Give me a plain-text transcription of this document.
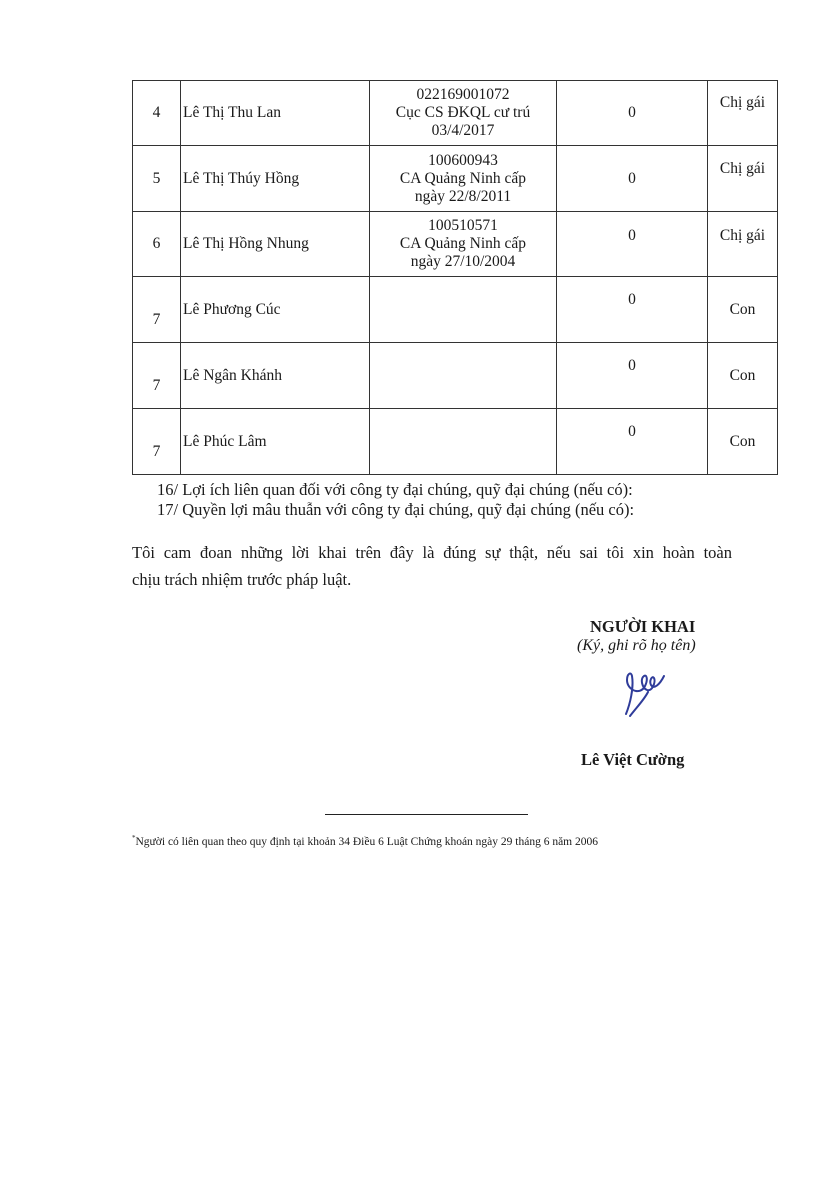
4	Lê Thị Thu Lan	022169001072
Cục CS ĐKQL cư trú
03/4/2017	0	Chị gái
5	Lê Thị Thúy Hồng	100600943
CA Quảng Ninh cấp
ngày 22/8/2011	0	Chị gái
6	Lê Thị Hồng Nhung	100510571
CA Quảng Ninh cấp
ngày 27/10/2004	0	Chị gái
7	Lê Phương Cúc		0	Con
7	Lê Ngân Khánh		0	Con
7	Lê Phúc Lâm		0	Con
16/ Lợi ích liên quan đối với công ty đại chúng, quỹ đại chúng (nếu có):
17/ Quyền lợi mâu thuẫn với công ty đại chúng, quỹ đại chúng (nếu có):
Tôi cam đoan những lời khai trên đây là đúng sự thật, nếu sai tôi xin hoàn toàn
chịu trách nhiệm trước pháp luật.
NGƯỜI KHAI
(Ký, ghi rõ họ tên)
Lê Việt Cường
*Người có liên quan theo quy định tại khoản 34 Điều 6 Luật Chứng khoán ngày 29 tháng 6 năm 2006
